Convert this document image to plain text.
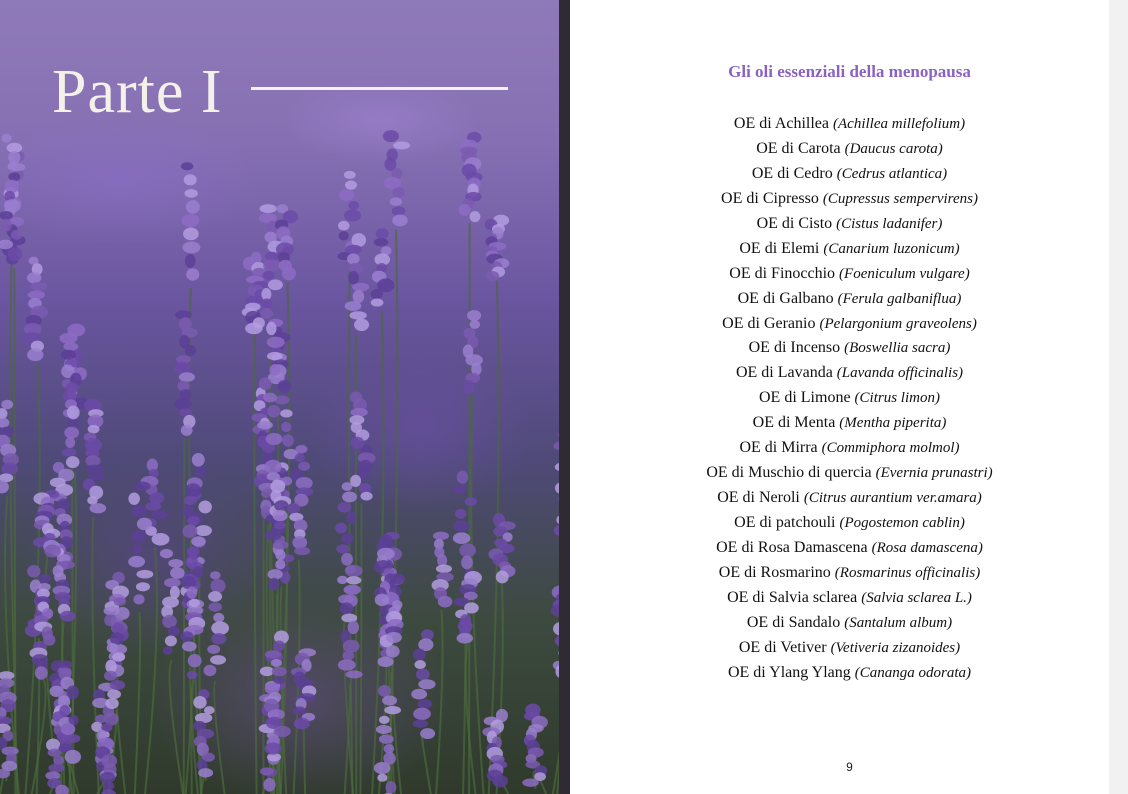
Parte I	Gli oli essenziali della menopausa
OE di Achillea (Achillea millefolium)
OE di Carota (Daucus carota)
OE di Cedro (Cedrus atlantica)
OE di Cipresso (Cupressus sempervirens)
OE di Cisto (Cistus ladanifer)
OE di Elemi (Canarium luzonicum)
OE di Finocchio (Foeniculum vulgare)
OE di Galbano (Ferula galbaniflua)
OE di Geranio (Pelargonium graveolens)
OE di Incenso (Boswellia sacra)
OE di Lavanda (Lavanda officinalis)
OE di Limone (Citrus limon)
OE di Menta (Mentha piperita)
OE di Mirra (Commiphora molmol)
OE di Muschio di quercia (Evernia prunastri)
OE di Neroli (Citrus aurantium ver.amara)
OE di patchouli (Pogostemon cablin)
OE di Rosa Damascena (Rosa damascena)
OE di Rosmarino (Rosmarinus officinalis)
OE di Salvia sclarea (Salvia sclarea L.)
OE di Sandalo (Santalum album)
OE di Vetiver (Vetiveria zizanoides)
OE di Ylang Ylang (Cananga odorata)
9
